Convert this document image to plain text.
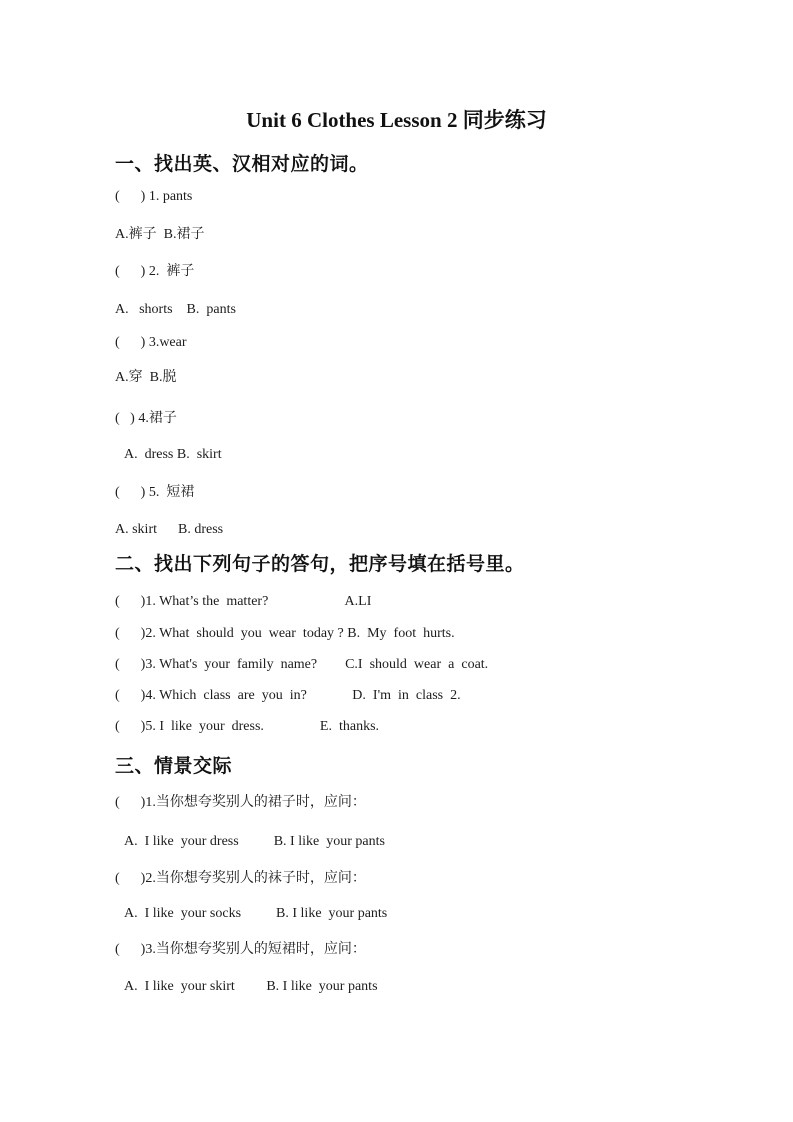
Unit 6 Clothes Lesson 2 同步练习
一、找出英、汉相对应的词。
(      ) 1. pants
A.裤子  B.裙子
(      ) 2.  裤子
A.   shorts    B.  pants
(      ) 3.wear
A.穿  B.脱
(   ) 4.裙子
A.  dress B.  skirt
(      ) 5.  短裙
A. skirt      B. dress
二、找出下列句子的答句，把序号填在括号里。
(      )1. What’s the  matter?                      A.LI
(      )2. What  should  you  wear  today ? B.  My  foot  hurts.
(      )3. What's  your  family  name?        C.I  should  wear  a  coat.
(      )4. Which  class  are  you  in?             D.  I'm  in  class  2.
(      )5. I  like  your  dress.                E.  thanks.
三、情景交际
(      )1.当你想夸奖别人的裙子时，应问：
A.  I like  your dress          B. I like  your pants
(      )2.当你想夸奖别人的袜子时，应问：
A.  I like  your socks          B. I like  your pants
(      )3.当你想夸奖别人的短裙时，应问：
A.  I like  your skirt         B. I like  your pants
